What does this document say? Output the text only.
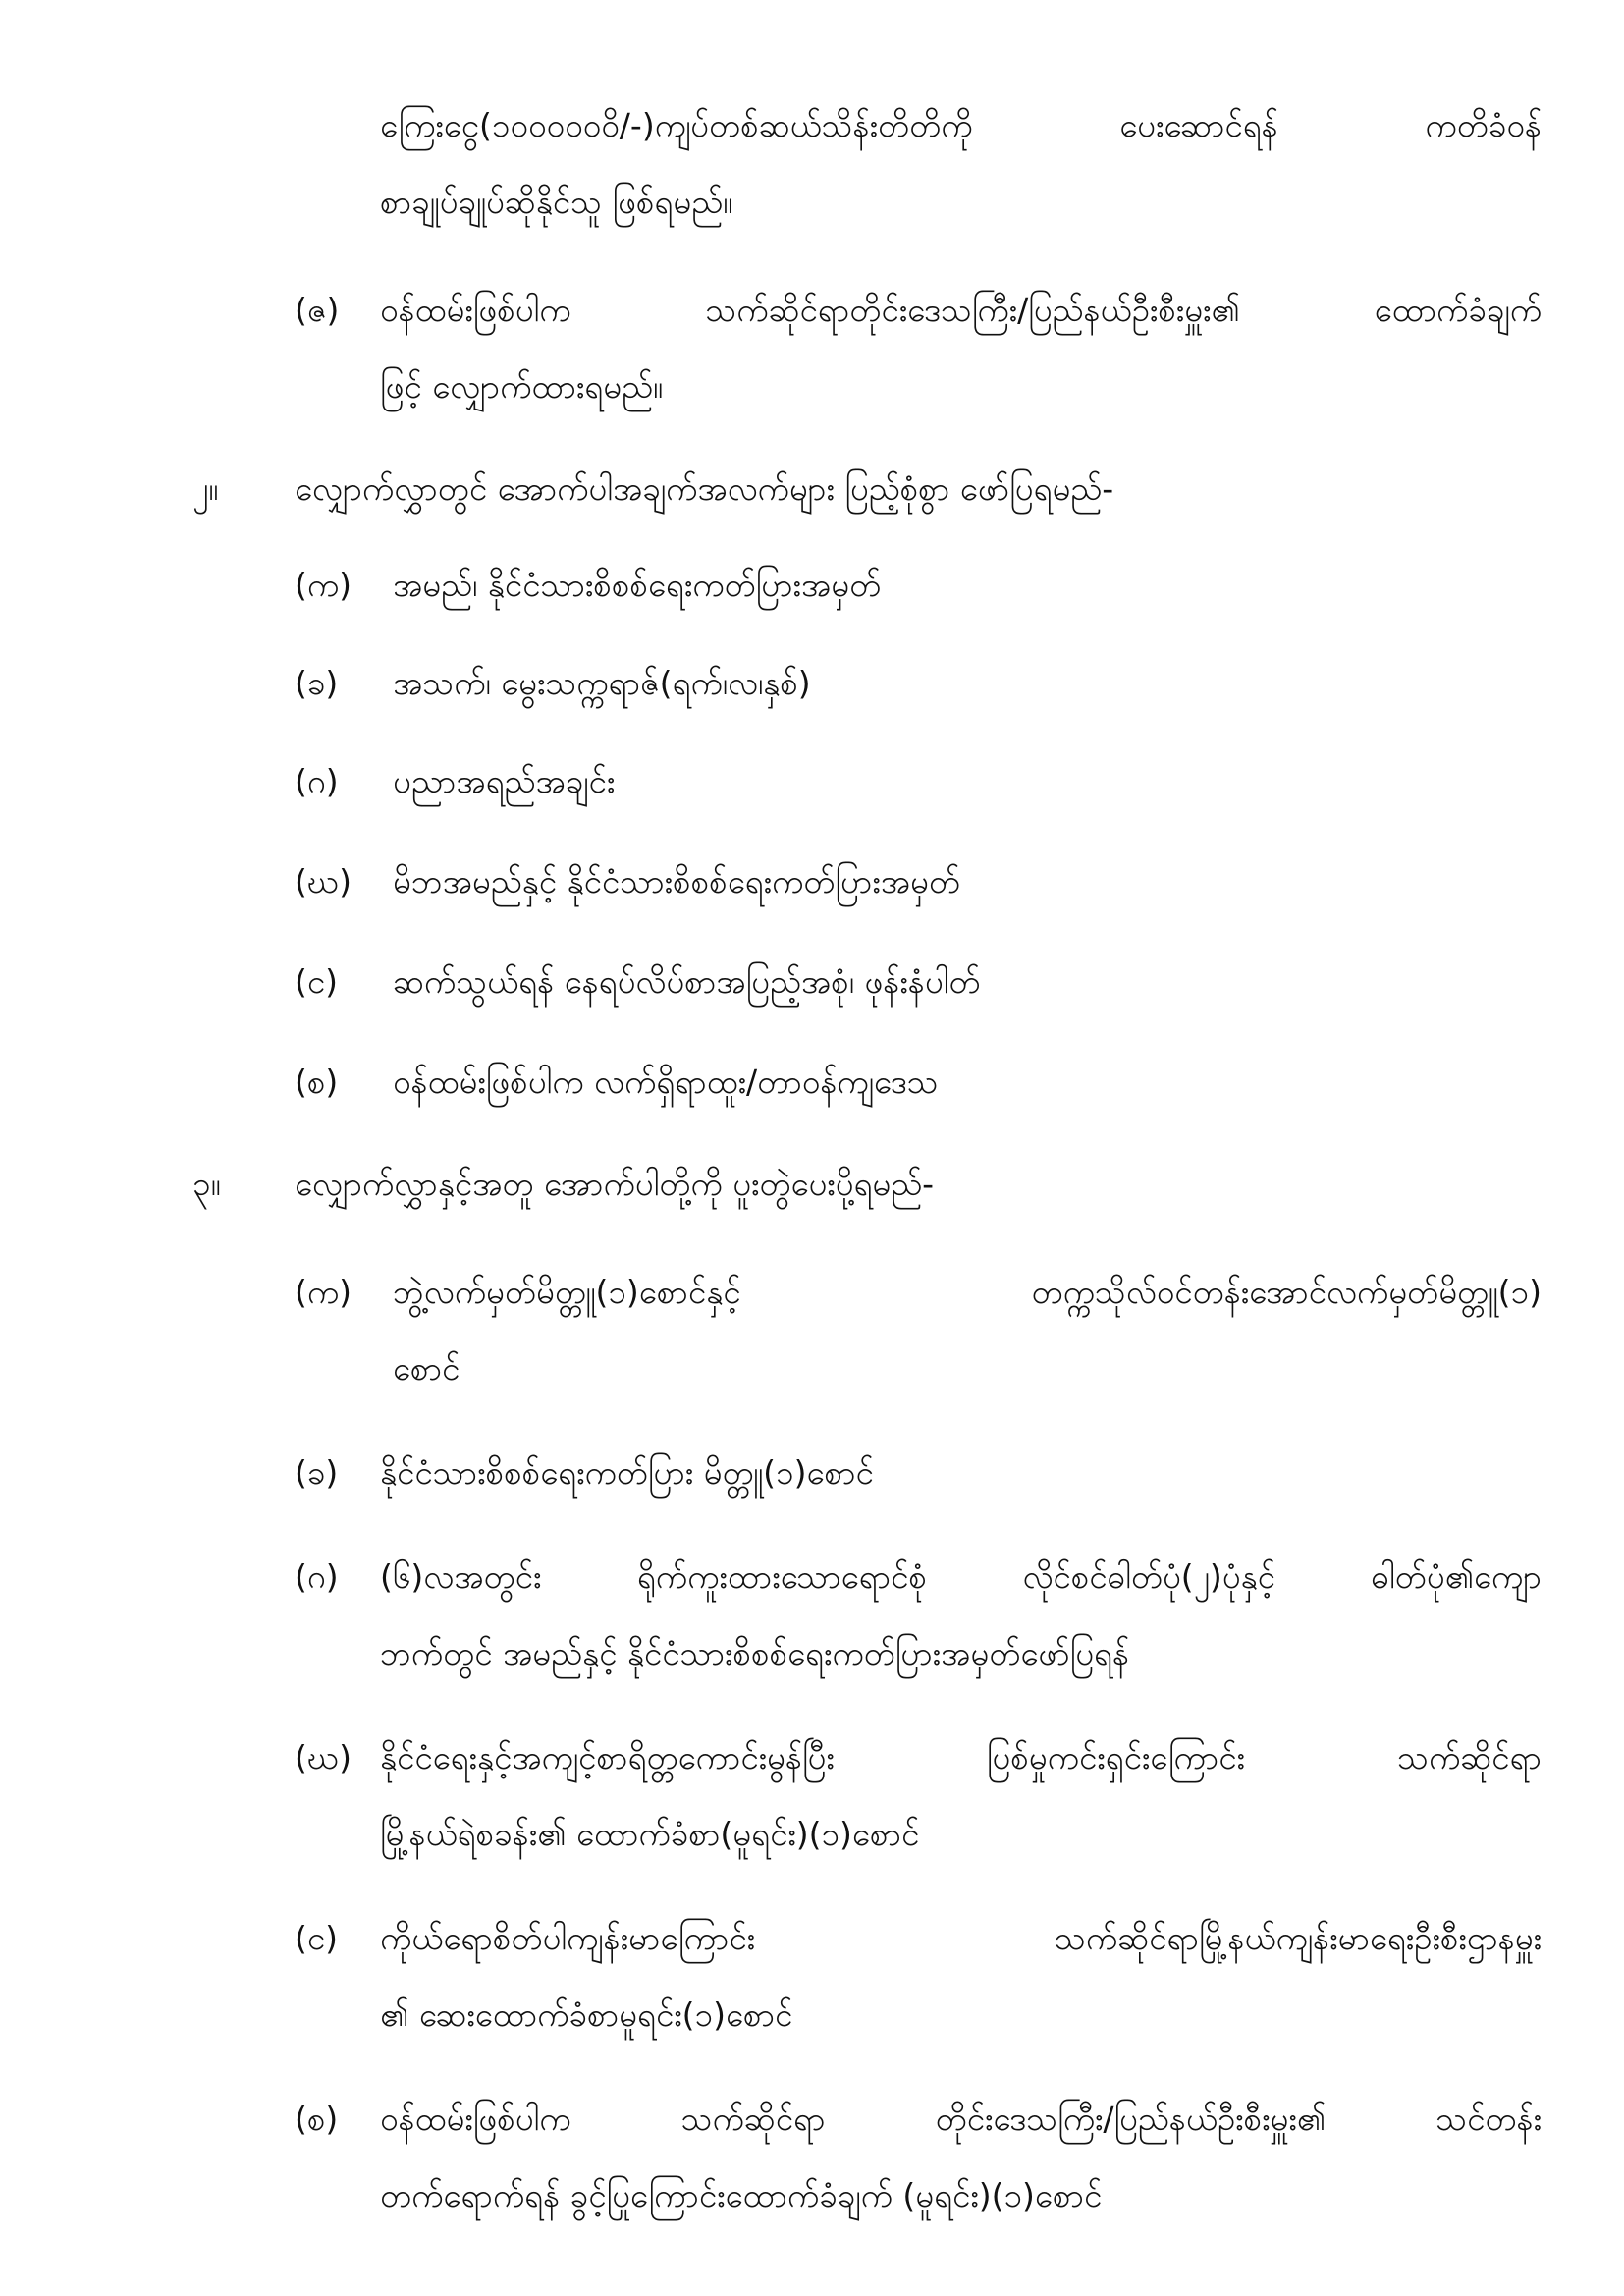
ကြေးငွေ(၁၀၀၀၀၀၀ိ/-)ကျပ်တစ်ဆယ်သိန်းတိတိကို ပေးဆောင်ရန် ကတိခံဝန်
စာချုပ်ချုပ်ဆိုနိုင်သူ ဖြစ်ရမည်။
(ဇ) ဝန်ထမ်းဖြစ်ပါက သက်ဆိုင်ရာတိုင်းဒေသကြီး/ပြည်နယ်ဦးစီးမှူး၏ ထောက်ခံချက်
ဖြင့် လျှောက်ထားရမည်။
၂။ လျှောက်လွှာတွင် အောက်ပါအချက်အလက်များ ပြည့်စုံစွာ ဖော်ပြရမည်-
(က) အမည်၊ နိုင်ငံသားစိစစ်ရေးကတ်ပြားအမှတ်
(ခ) အသက်၊ မွေးသက္ကရာဇ်(ရက်၊လ၊နှစ်)
(ဂ) ပညာအရည်အချင်း
(ဃ) မိဘအမည်နှင့် နိုင်ငံသားစိစစ်ရေးကတ်ပြားအမှတ်
(င) ဆက်သွယ်ရန် နေရပ်လိပ်စာအပြည့်အစုံ၊ ဖုန်းနံပါတ်
(စ) ဝန်ထမ်းဖြစ်ပါက လက်ရှိရာထူး/တာဝန်ကျဒေသ
၃။ လျှောက်လွှာနှင့်အတူ အောက်ပါတို့ကို ပူးတွဲပေးပို့ရမည်-
(က) ဘွဲ့လက်မှတ်မိတ္တူ(၁)စောင်နှင့် တက္ကသိုလ်ဝင်တန်းအောင်လက်မှတ်မိတ္တူ(၁)
စောင်
(ခ) နိုင်ငံသားစိစစ်ရေးကတ်ပြား မိတ္တူ(၁)စောင်
(ဂ) (၆)လအတွင်း ရိုက်ကူးထားသောရောင်စုံ လိုင်စင်ဓါတ်ပုံ(၂)ပုံနှင့် ဓါတ်ပုံ၏ကျော
ဘက်တွင် အမည်နှင့် နိုင်ငံသားစိစစ်ရေးကတ်ပြားအမှတ်ဖော်ပြရန်
(ဃ) နိုင်ငံရေးနှင့်အကျင့်စာရိတ္တကောင်းမွန်ပြီး ပြစ်မှုကင်းရှင်းကြောင်း သက်ဆိုင်ရာ
မြို့နယ်ရဲစခန်း၏ ထောက်ခံစာ(မူရင်း)(၁)စောင်
(င) ကိုယ်ရောစိတ်ပါကျန်းမာကြောင်း သက်ဆိုင်ရာမြို့နယ်ကျန်းမာရေးဦးစီးဌာနမှူး
၏ ဆေးထောက်ခံစာမူရင်း(၁)စောင်
(စ) ဝန်ထမ်းဖြစ်ပါက သက်ဆိုင်ရာ တိုင်းဒေသကြီး/ပြည်နယ်ဦးစီးမှူး၏ သင်တန်း
တက်ရောက်ရန် ခွင့်ပြုကြောင်းထောက်ခံချက် (မူရင်း)(၁)စောင်
